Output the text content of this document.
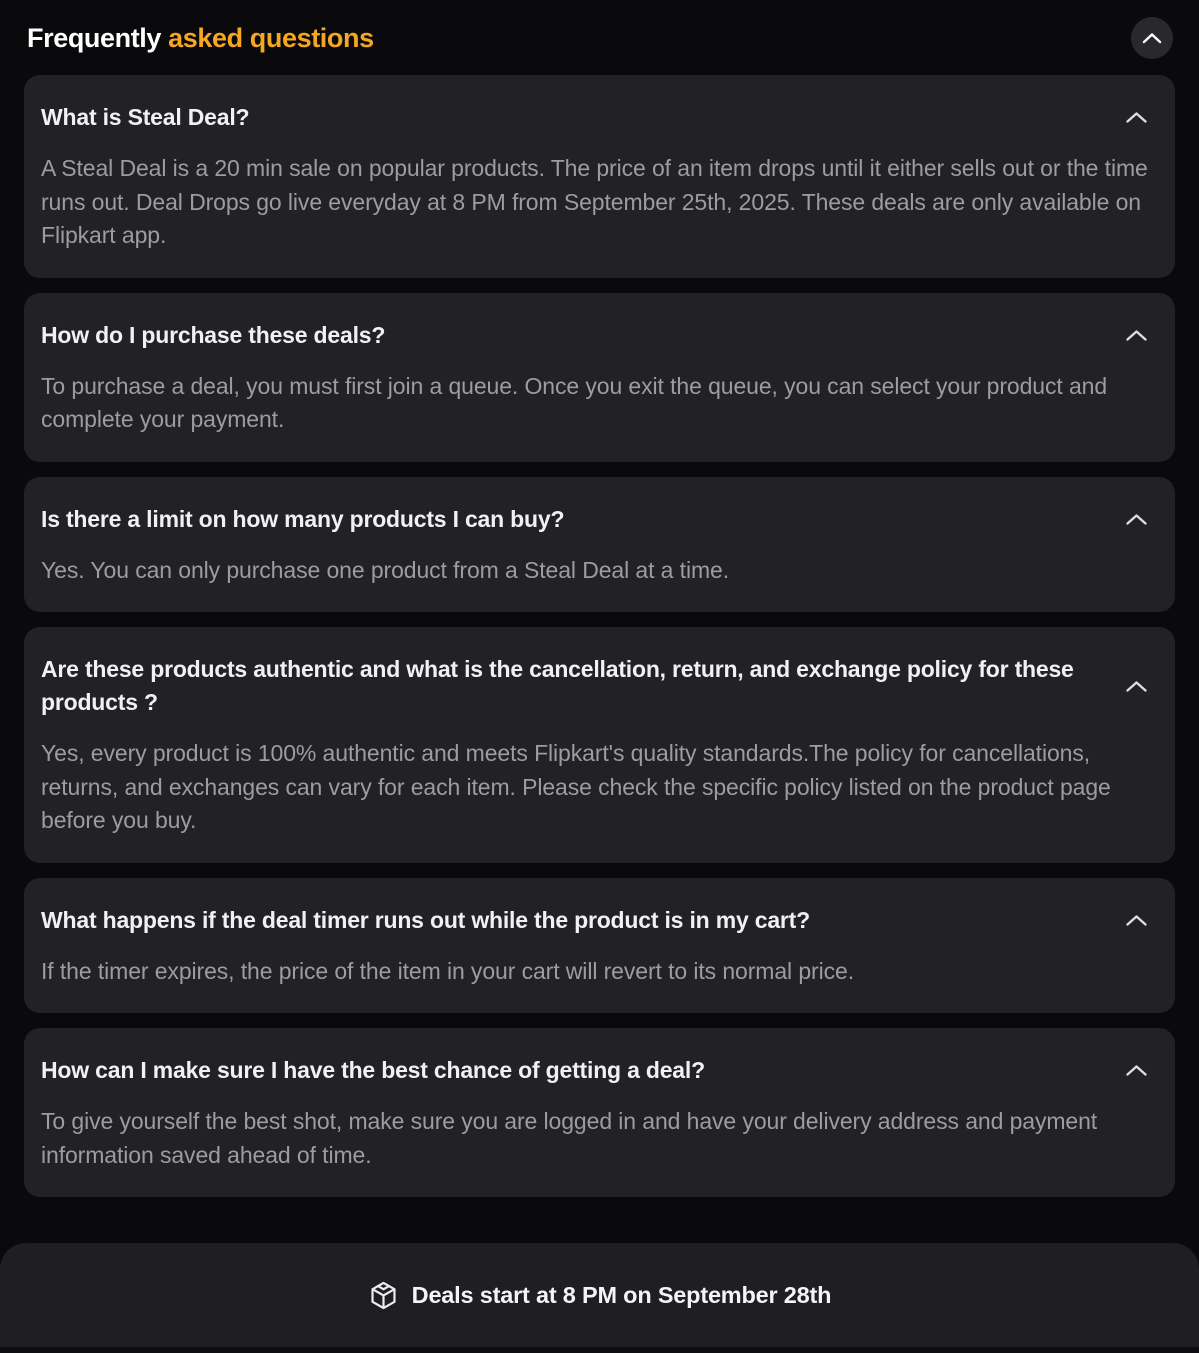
Frequently asked questions
What is Steal Deal?
A Steal Deal is a 20 min sale on popular products. The price of an item drops until it either sells out or the time runs out. Deal Drops go live everyday at 8 PM from September 25th, 2025. These deals are only available on Flipkart app.
How do I purchase these deals?
To purchase a deal, you must first join a queue. Once you exit the queue, you can select your product and complete your payment.
Is there a limit on how many products I can buy?
Yes. You can only purchase one product from a Steal Deal at a time.
Are these products authentic and what is the cancellation, return, and exchange policy for these products ?
Yes, every product is 100% authentic and meets Flipkart's quality standards.The policy for cancellations, returns, and exchanges can vary for each item. Please check the specific policy listed on the product page before you buy.
What happens if the deal timer runs out while the product is in my cart?
If the timer expires, the price of the item in your cart will revert to its normal price.
How can I make sure I have the best chance of getting a deal?
To give yourself the best shot, make sure you are logged in and have your delivery address and payment information saved ahead of time.
Deals start at 8 PM on September 28th
